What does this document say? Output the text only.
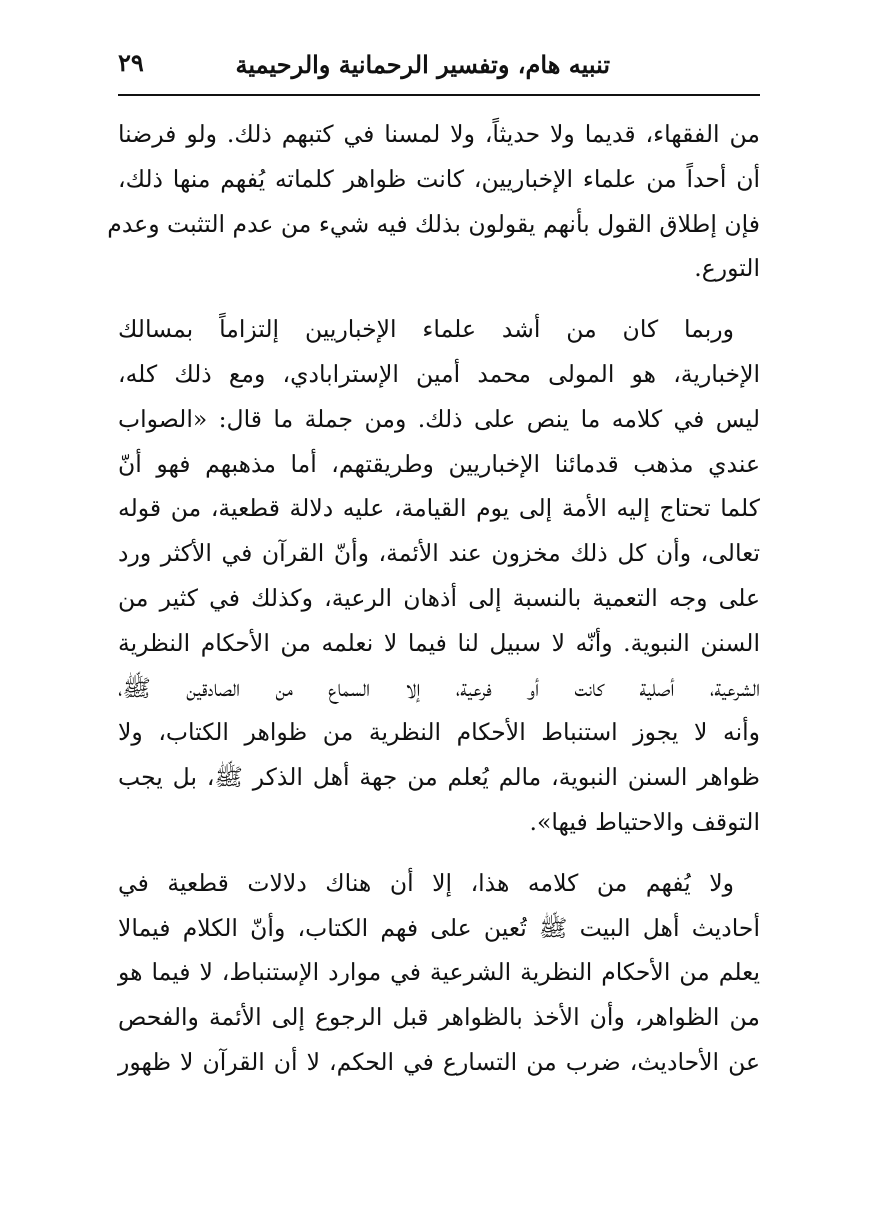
تنبيه هام، وتفسير الرحمانية والرحيمية
٢٩

من الفقهاء، قديما ولا حديثاً، ولا لمسنا في كتبهم ذلك. ولو فرضنا
أن أحداً من علماء الإخباريين، كانت ظواهر كلماته يُفهم منها ذلك،
فإن إطلاق القول بأنهم يقولون بذلك فيه شيء من عدم التثبت وعدم
التورع.

وربما كان من أشد علماء الإخباريين إلتزاماً بمسالك
الإخبارية، هو المولى محمد أمين الإسترابادي، ومع ذلك كله،
ليس في كلامه ما ينص على ذلك. ومن جملة ما قال: «الصواب
عندي مذهب قدمائنا الإخباريين وطريقتهم، أما مذهبهم فهو أنّ
كلما تحتاج إليه الأمة إلى يوم القيامة، عليه دلالة قطعية، من قوله
تعالى، وأن كل ذلك مخزون عند الأئمة، وأنّ القرآن في الأكثر ورد
على وجه التعمية بالنسبة إلى أذهان الرعية، وكذلك في كثير من
السنن النبوية. وأنّه لا سبيل لنا فيما لا نعلمه من الأحكام النظرية
الشرعية، أصلية كانت أو فرعية، إلا السماع من الصادقين ﷺ،
وأنه لا يجوز استنباط الأحكام النظرية من ظواهر الكتاب، ولا
ظواهر السنن النبوية، مالم يُعلم من جهة أهل الذكر ﷺ، بل يجب
التوقف والاحتياط فيها».

ولا يُفهم من كلامه هذا، إلا أن هناك دلالات قطعية في
أحاديث أهل البيت ﷺ تُعين على فهم الكتاب، وأنّ الكلام فيمالا
يعلم من الأحكام النظرية الشرعية في موارد الإستنباط، لا فيما هو
من الظواهر، وأن الأخذ بالظواهر قبل الرجوع إلى الأئمة والفحص
عن الأحاديث، ضرب من التسارع في الحكم، لا أن القرآن لا ظهور
